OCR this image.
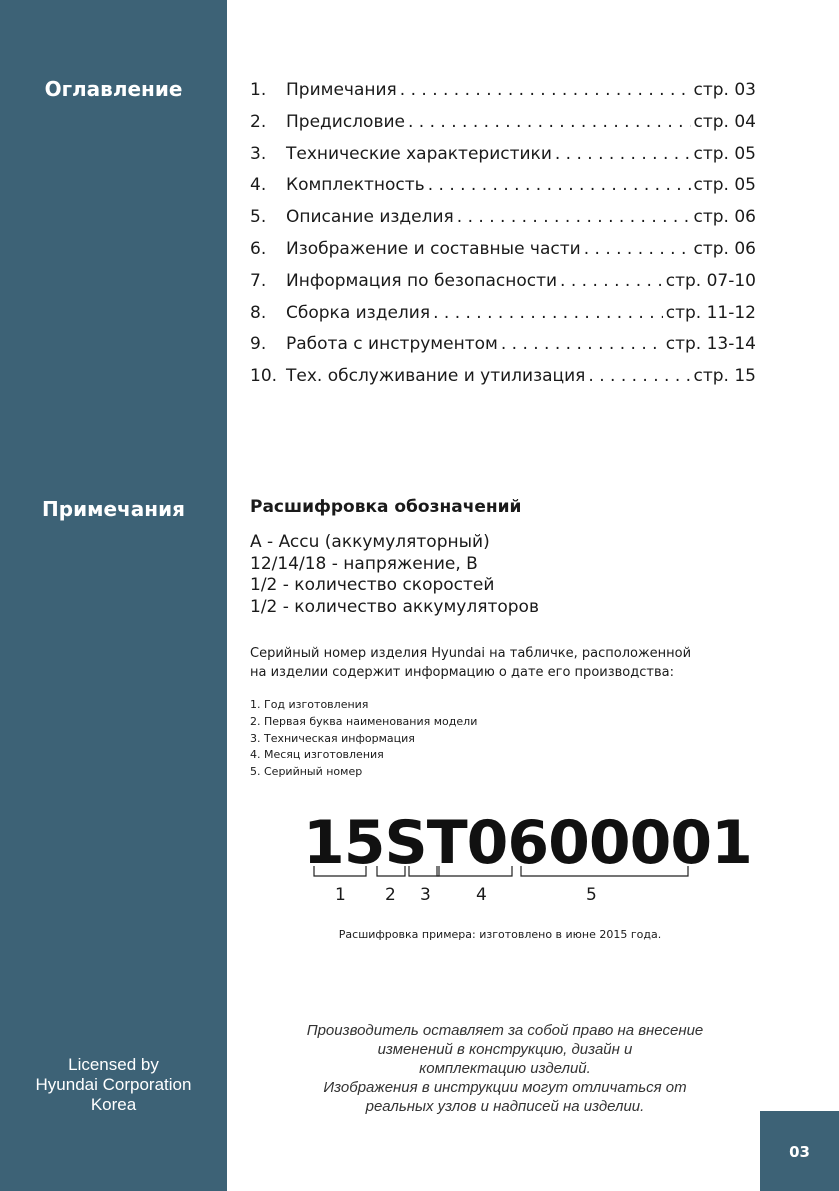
Оглавление
Примечания
Licensed by
Hyundai Corporation
Korea
1.	Примечания . . .	стр. 03
2.	Предисловие . . .	стр. 04
3.	Технические характеристики . . .	стр. 05
4.	Комплектность . . .	стр. 05
5.	Описание изделия . . .	стр. 06
6.	Изображение и составные части . . .	стр. 06
7.	Информация по безопасности . . .	стр. 07-10
8.	Сборка изделия . . .	стр. 11-12
9.	Работа с инструментом . . .	стр. 13-14
10. Тех. обслуживание и утилизация . . .	стр. 15
Расшифровка обозначений
A - Accu (аккумуляторный)
12/14/18 - напряжение, В
1/2 - количество скоростей
1/2 - количество аккумуляторов
Серийный номер изделия Hyundai на табличке, расположенной
на изделии содержит информацию о дате его производства:
1. Год изготовления
2. Первая буква наименования модели
3. Техническая информация
4. Месяц изготовления
5. Серийный номер
15ST0600001
1 2 3	4	5
Расшифровка примера: изготовлено в июне 2015 года.
Производитель оставляет за собой право на внесение
изменений в конструкцию, дизайн и
комплектацию изделий.
Изображения в инструкции могут отличаться от
реальных узлов и надписей на изделии.
03
